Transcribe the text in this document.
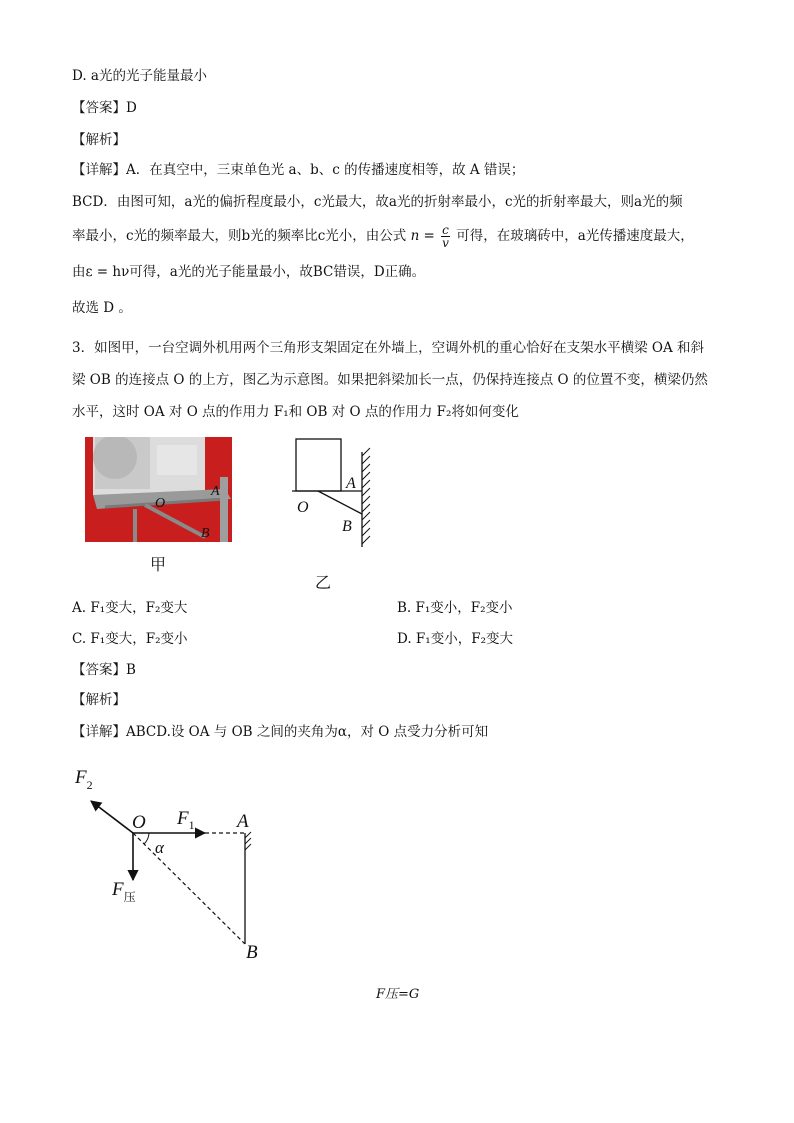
D. a光的光子能量最小
【答案】D
【解析】
【详解】A．在真空中，三束单色光 a、b、c 的传播速度相等，故 A 错误；
BCD．由图可知，a光的偏折程度最小，c光最大，故a光的折射率最小，c光的折射率最大，则a光的频
率最小，c光的频率最大，则b光的频率比c光小，由公式 $n = \frac{c}{v}$ 可得，在玻璃砖中，a光传播速度最大，
由ε = hν可得，a光的光子能量最小，故BC错误，D正确。
故选 D 。
3．如图甲，一台空调外机用两个三角形支架固定在外墙上，空调外机的重心恰好在支架水平横梁 OA 和斜
梁 OB 的连接点 O 的上方，图乙为示意图。如果把斜梁加长一点，仍保持连接点 O 的位置不变，横梁仍然
水平，这时 OA 对 O 点的作用力 F₁和 OB 对 O 点的作用力 F₂将如何变化
O
A
B
甲
O
A
B
乙
A. F₁变大，F₂变大	B. F₁变小，F₂变小
C. F₁变大，F₂变小	D. F₁变小，F₂变大
【答案】B
【解析】
【详解】ABCD.设 OA 与 OB 之间的夹角为α，对 O 点受力分析可知
$F_2$
O $F_1$ A
α
$F_压$
B
F压=G
